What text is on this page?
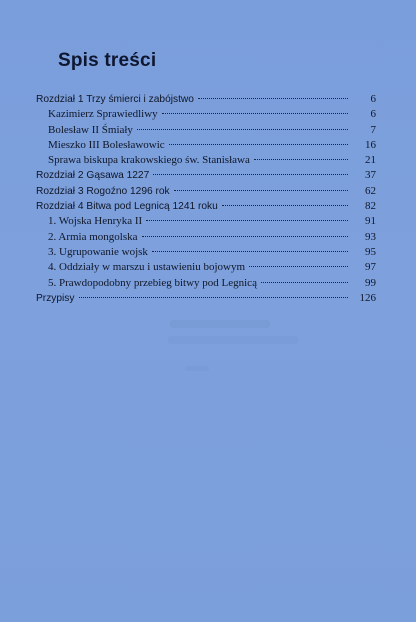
Spis treści
Rozdział 1 Trzy śmierci i zabójstwo	6
Kazimierz Sprawiedliwy	6
Bolesław II Śmiały	7
Mieszko III Bolesławowic	16
Sprawa biskupa krakowskiego św. Stanisława	21
Rozdział 2 Gąsawa 1227	37
Rozdział 3 Rogoźno 1296 rok	62
Rozdział 4 Bitwa pod Legnicą 1241 roku	82
1. Wojska Henryka II	91
2. Armia mongolska	93
3. Ugrupowanie wojsk	95
4. Oddziały w marszu i ustawieniu bojowym	97
5. Prawdopodobny przebieg bitwy pod Legnicą	99
Przypisy	126
